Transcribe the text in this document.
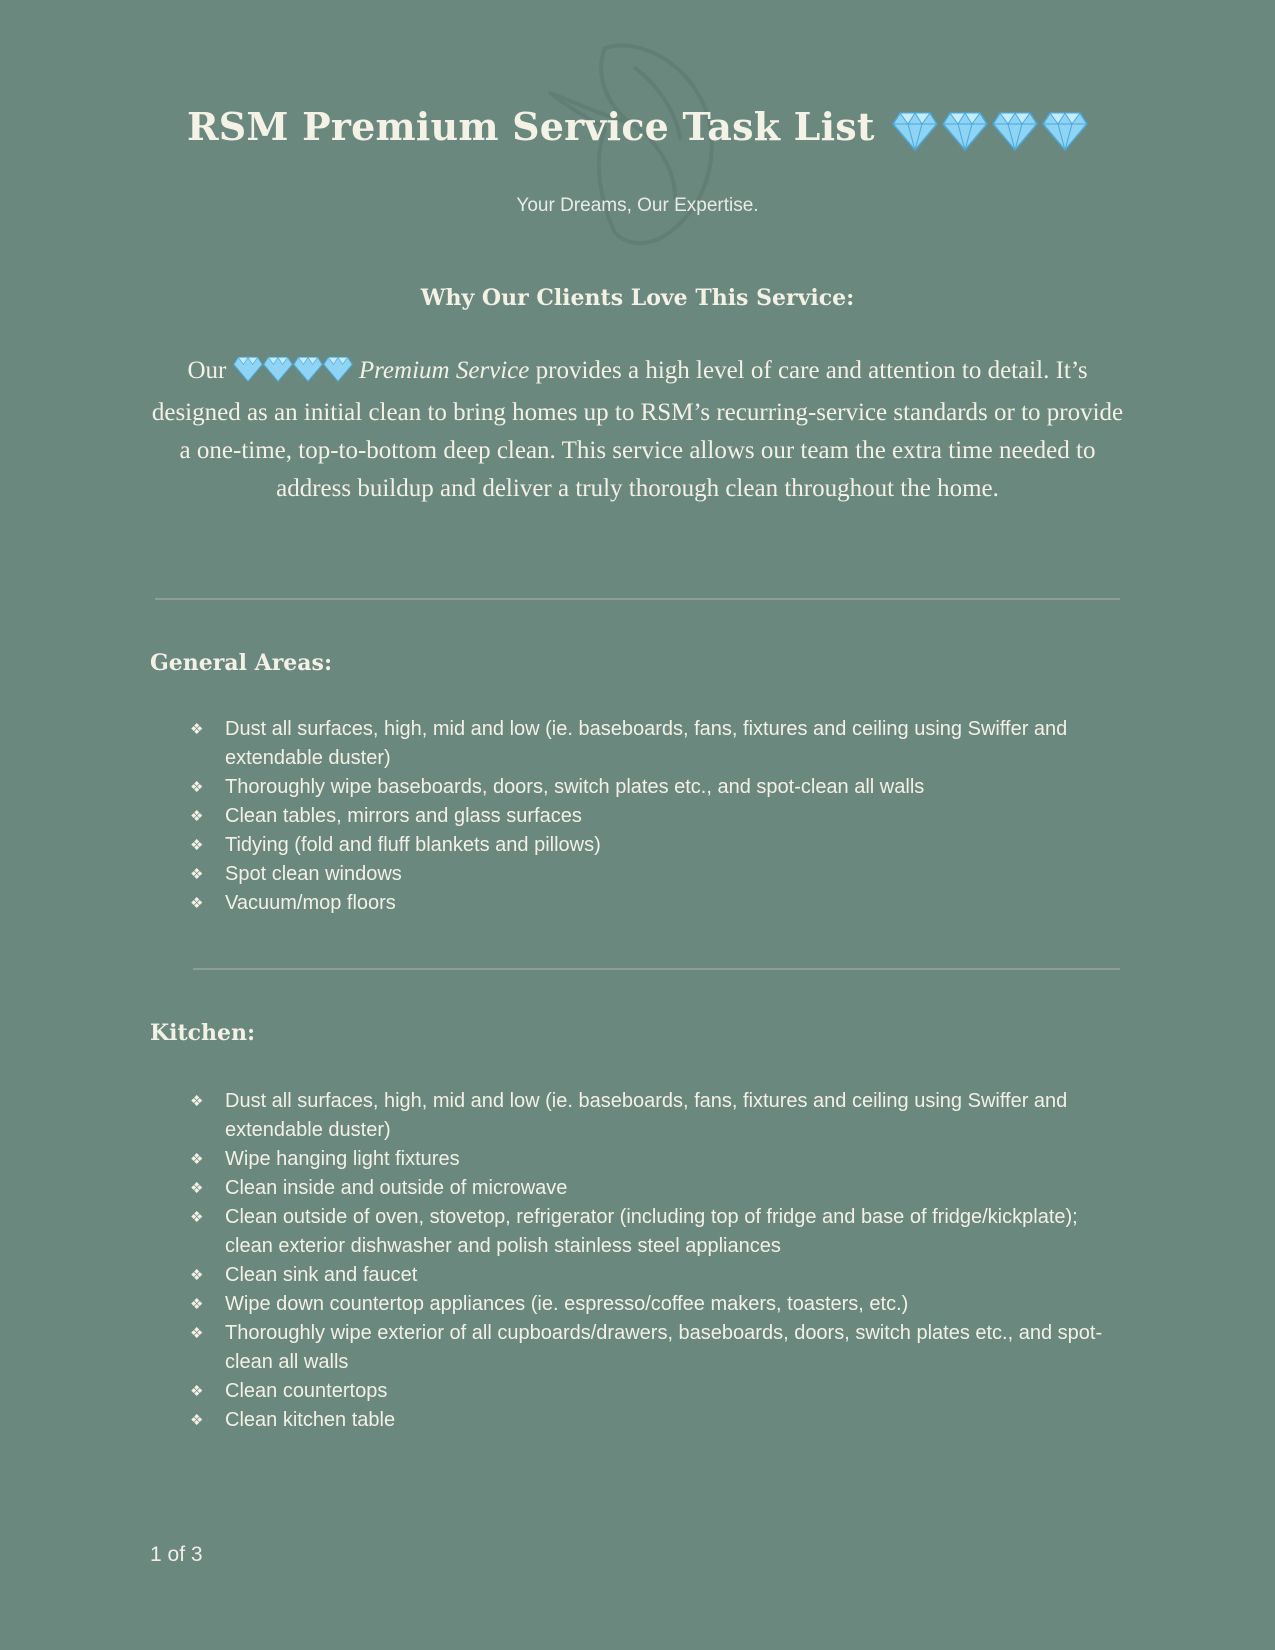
RSM Premium Service Task List
Your Dreams, Our Expertise.
Why Our Clients Love This Service:
Our	Premium Service provides a high level of care and attention to detail. It’s designed as an initial clean to bring homes up to RSM’s recurring-service standards or to provide a one-time, top-to-bottom deep clean. This service allows our team the extra time needed to address buildup and deliver a truly thorough clean throughout the home.
General Areas:
❖ Dust all surfaces, high, mid and low (ie. baseboards, fans, fixtures and ceiling using Swiffer and extendable duster)
❖ Thoroughly wipe baseboards, doors, switch plates etc., and spot-clean all walls
❖ Clean tables, mirrors and glass surfaces
❖ Tidying (fold and fluff blankets and pillows)
❖ Spot clean windows
❖ Vacuum/mop floors
Kitchen:
❖ Dust all surfaces, high, mid and low (ie. baseboards, fans, fixtures and ceiling using Swiffer and extendable duster)
❖ Wipe hanging light fixtures
❖ Clean inside and outside of microwave
❖ Clean outside of oven, stovetop, refrigerator (including top of fridge and base of fridge/kickplate); clean exterior dishwasher and polish stainless steel appliances
❖ Clean sink and faucet
❖ Wipe down countertop appliances (ie. espresso/coffee makers, toasters, etc.)
❖ Thoroughly wipe exterior of all cupboards/drawers, baseboards, doors, switch plates etc., and spot-clean all walls
❖ Clean countertops
❖ Clean kitchen table
1 of 3
